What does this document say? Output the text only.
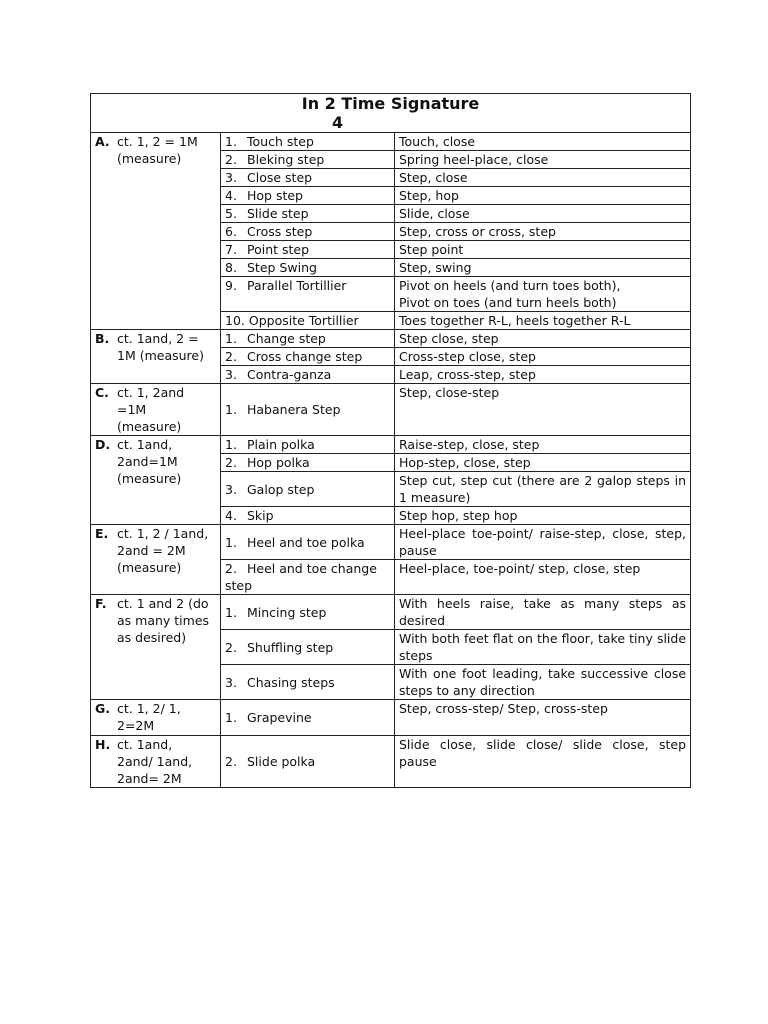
In 2 Time Signature
4		

A. ct. 1, 2 = 1M
(measure)	1. Touch step	Touch, close
	2. Bleking step	Spring heel-place, close
	3. Close step	Step, close
	4. Hop step	Step, hop
	5. Slide step	Slide, close
	6. Cross step	Step, cross or cross, step
	7. Point step	Step point
	8. Step Swing	Step, swing
	9. Parallel Tortillier	Pivot on heels (and turn toes both),
Pivot on toes (and turn heels both)
	10. Opposite Tortillier	Toes together R-L, heels together R-L
B. ct. 1and, 2 =
1M (measure)	1. Change step	Step close, step
	2. Cross change step	Cross-step close, step
	3. Contra-ganza	Leap, cross-step, step
C. ct. 1, 2and
=1M
(measure)	1. Habanera Step	Step, close-step
D. ct. 1and,
2and=1M
(measure)	1. Plain polka	Raise-step, close, step
	2. Hop polka	Hop-step, close, step
	3. Galop step	Step cut, step cut (there are 2 galop steps in 1 measure)
	4. Skip	Step hop, step hop
E. ct. 1, 2 / 1and,
2and = 2M
(measure)	1. Heel and toe polka	Heel-place toe-point/ raise-step, close, step, pause
	2. Heel and toe change step	Heel-place, toe-point/ step, close, step
F. ct. 1 and 2 (do
as many times
as desired)	1. Mincing step	With heels raise, take as many steps as desired
	2. Shuffling step	With both feet flat on the floor, take tiny slide steps
	3. Chasing steps	With one foot leading, take successive close steps to any direction
G. ct. 1, 2/ 1,
2=2M	1. Grapevine	Step, cross-step/ Step, cross-step
H. ct. 1and,
2and/ 1and,
2and= 2M	2. Slide polka	Slide close, slide close/ slide close, step pause
